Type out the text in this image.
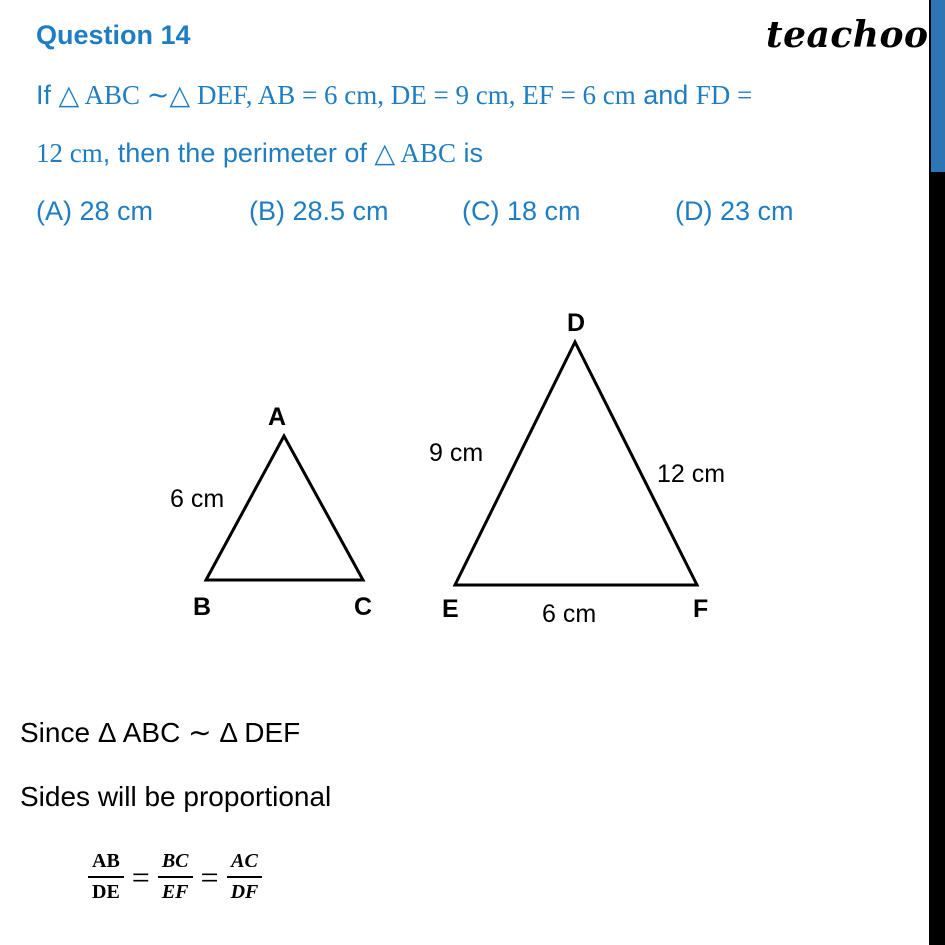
Question 14	teachoo
If △ ABC ∼△ DEF, AB = 6 cm, DE = 9 cm, EF = 6 cm and FD =
12 cm, then the perimeter of △ ABC is
(A) 28 cm	(B) 28.5 cm	(C) 18 cm	(D) 23 cm
A
B	C
D
E	F
6 cm
9 cm
12 cm
6 cm
Since Δ ABC ∼ Δ DEF
Sides will be proportional
$\frac{AB}{DE} = \frac{BC}{EF} = \frac{AC}{DF}$
